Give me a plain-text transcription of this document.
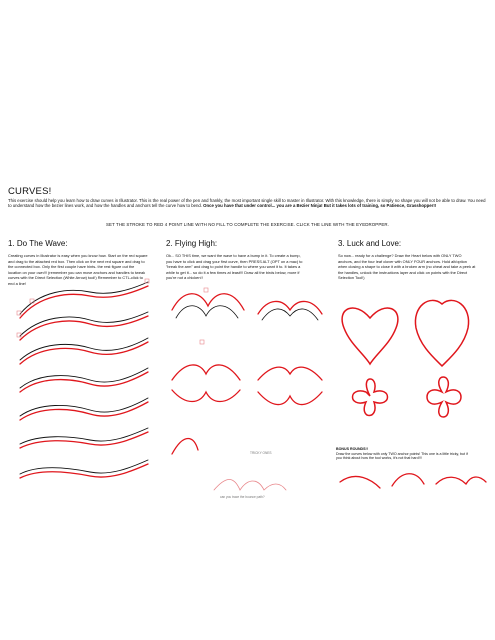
CURVES!
This exercise should help you learn how to draw curves in Illustrator. This is the real power of the pen and frankly, the most important single skill to master in Illustrator. With this knowledge, there is simply no shape you will not be able to draw. You need to understand how the bezier lines work, and how the handles and anchors tell the curve how to bend. Once you have that under control... you are a Bezier Ninja! But it takes lots of training, so Patience, Grasshopper!!
SET THE STROKE TO RED 4 POINT LINE WITH NO FILL TO COMPLETE THE EXERCISE. CLICK THE LINE WITH THE EYEDROPPER.
1. Do The Wave:	2. Flying High:	3. Luck and Love:
Creating curves in Illustrator is easy when you know how. Start on the red square and drag to the attached red box. Then click on the next red square and drag to the connected box. Only the first couple have hints- the rest figure out the location on your own!!! (remember you can move anchors and handles to tweak curves with the Direct Selection (White Arrow) tool!) Remember to CTL-click to end a line!
Ok... SO THIS time, we want the wave to have a bump in it. To create a bump, you have to click and drag your first curve, then PRESS ALT (OPT on a mac) to "break the arm" and drag to point the handle to where you want it to. It takes a while to get it... so do it a few times at least!!! Draw all the birds below, more if you're not a chicken!!
So now... ready for a challenge? Draw the Heart below with ONLY TWO anchors, and the four leaf clover with ONLY FOUR anchors. Hold alt/option when closing a shape to close it with a broken arm (no cheat and take a peek at the handles, unlock the instructions layer and click on points with the Direct Selection Tool!)
TRICKY ONES
can you trace the bounce path?
BONUS ROUNDS!!
Draw the curves below with only TWO anchor points! This one is a little tricky, but if you think about how the tool works, it's not that hard!!!
